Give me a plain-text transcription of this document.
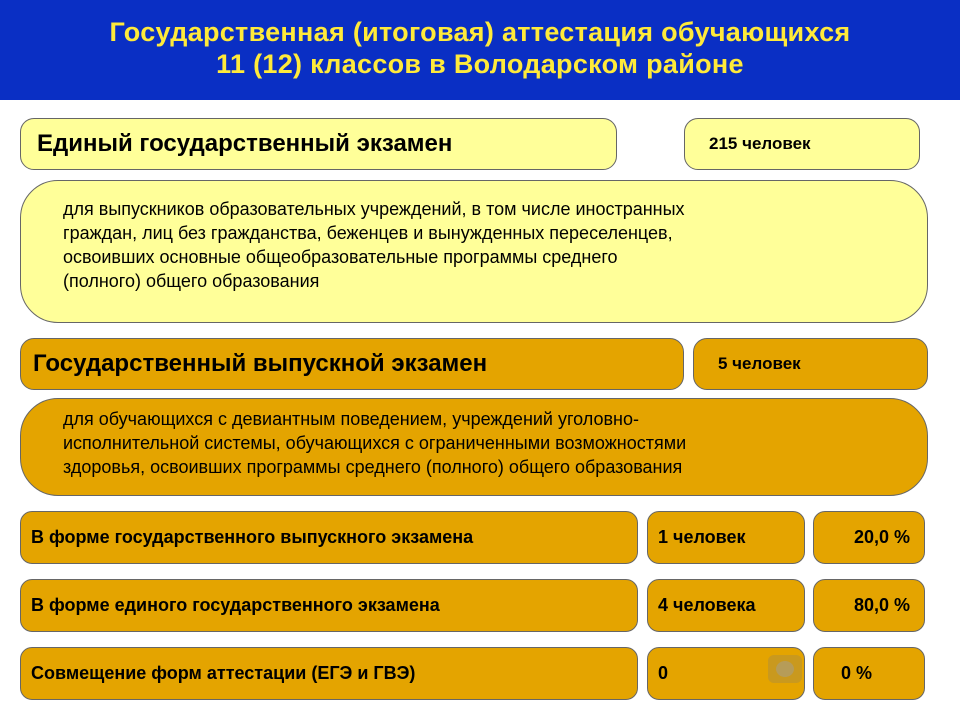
Государственная (итоговая) аттестация обучающихся
11 (12) классов в Володарском районе
Единый государственный экзамен	215 человек
для выпускников образовательных учреждений, в том числе иностранных
граждан, лиц без гражданства, беженцев и вынужденных переселенцев,
освоивших основные общеобразовательные программы среднего
(полного) общего образования
Государственный выпускной экзамен	5 человек
для обучающихся с девиантным поведением, учреждений уголовно-
исполнительной системы, обучающихся с ограниченными возможностями
здоровья, освоивших программы среднего (полного) общего образования
В форме государственного выпускного экзамена	1 человек	20,0 %
В форме единого государственного экзамена	4 человека	80,0 %
Совмещение форм аттестации (ЕГЭ и ГВЭ)	0	0 %
